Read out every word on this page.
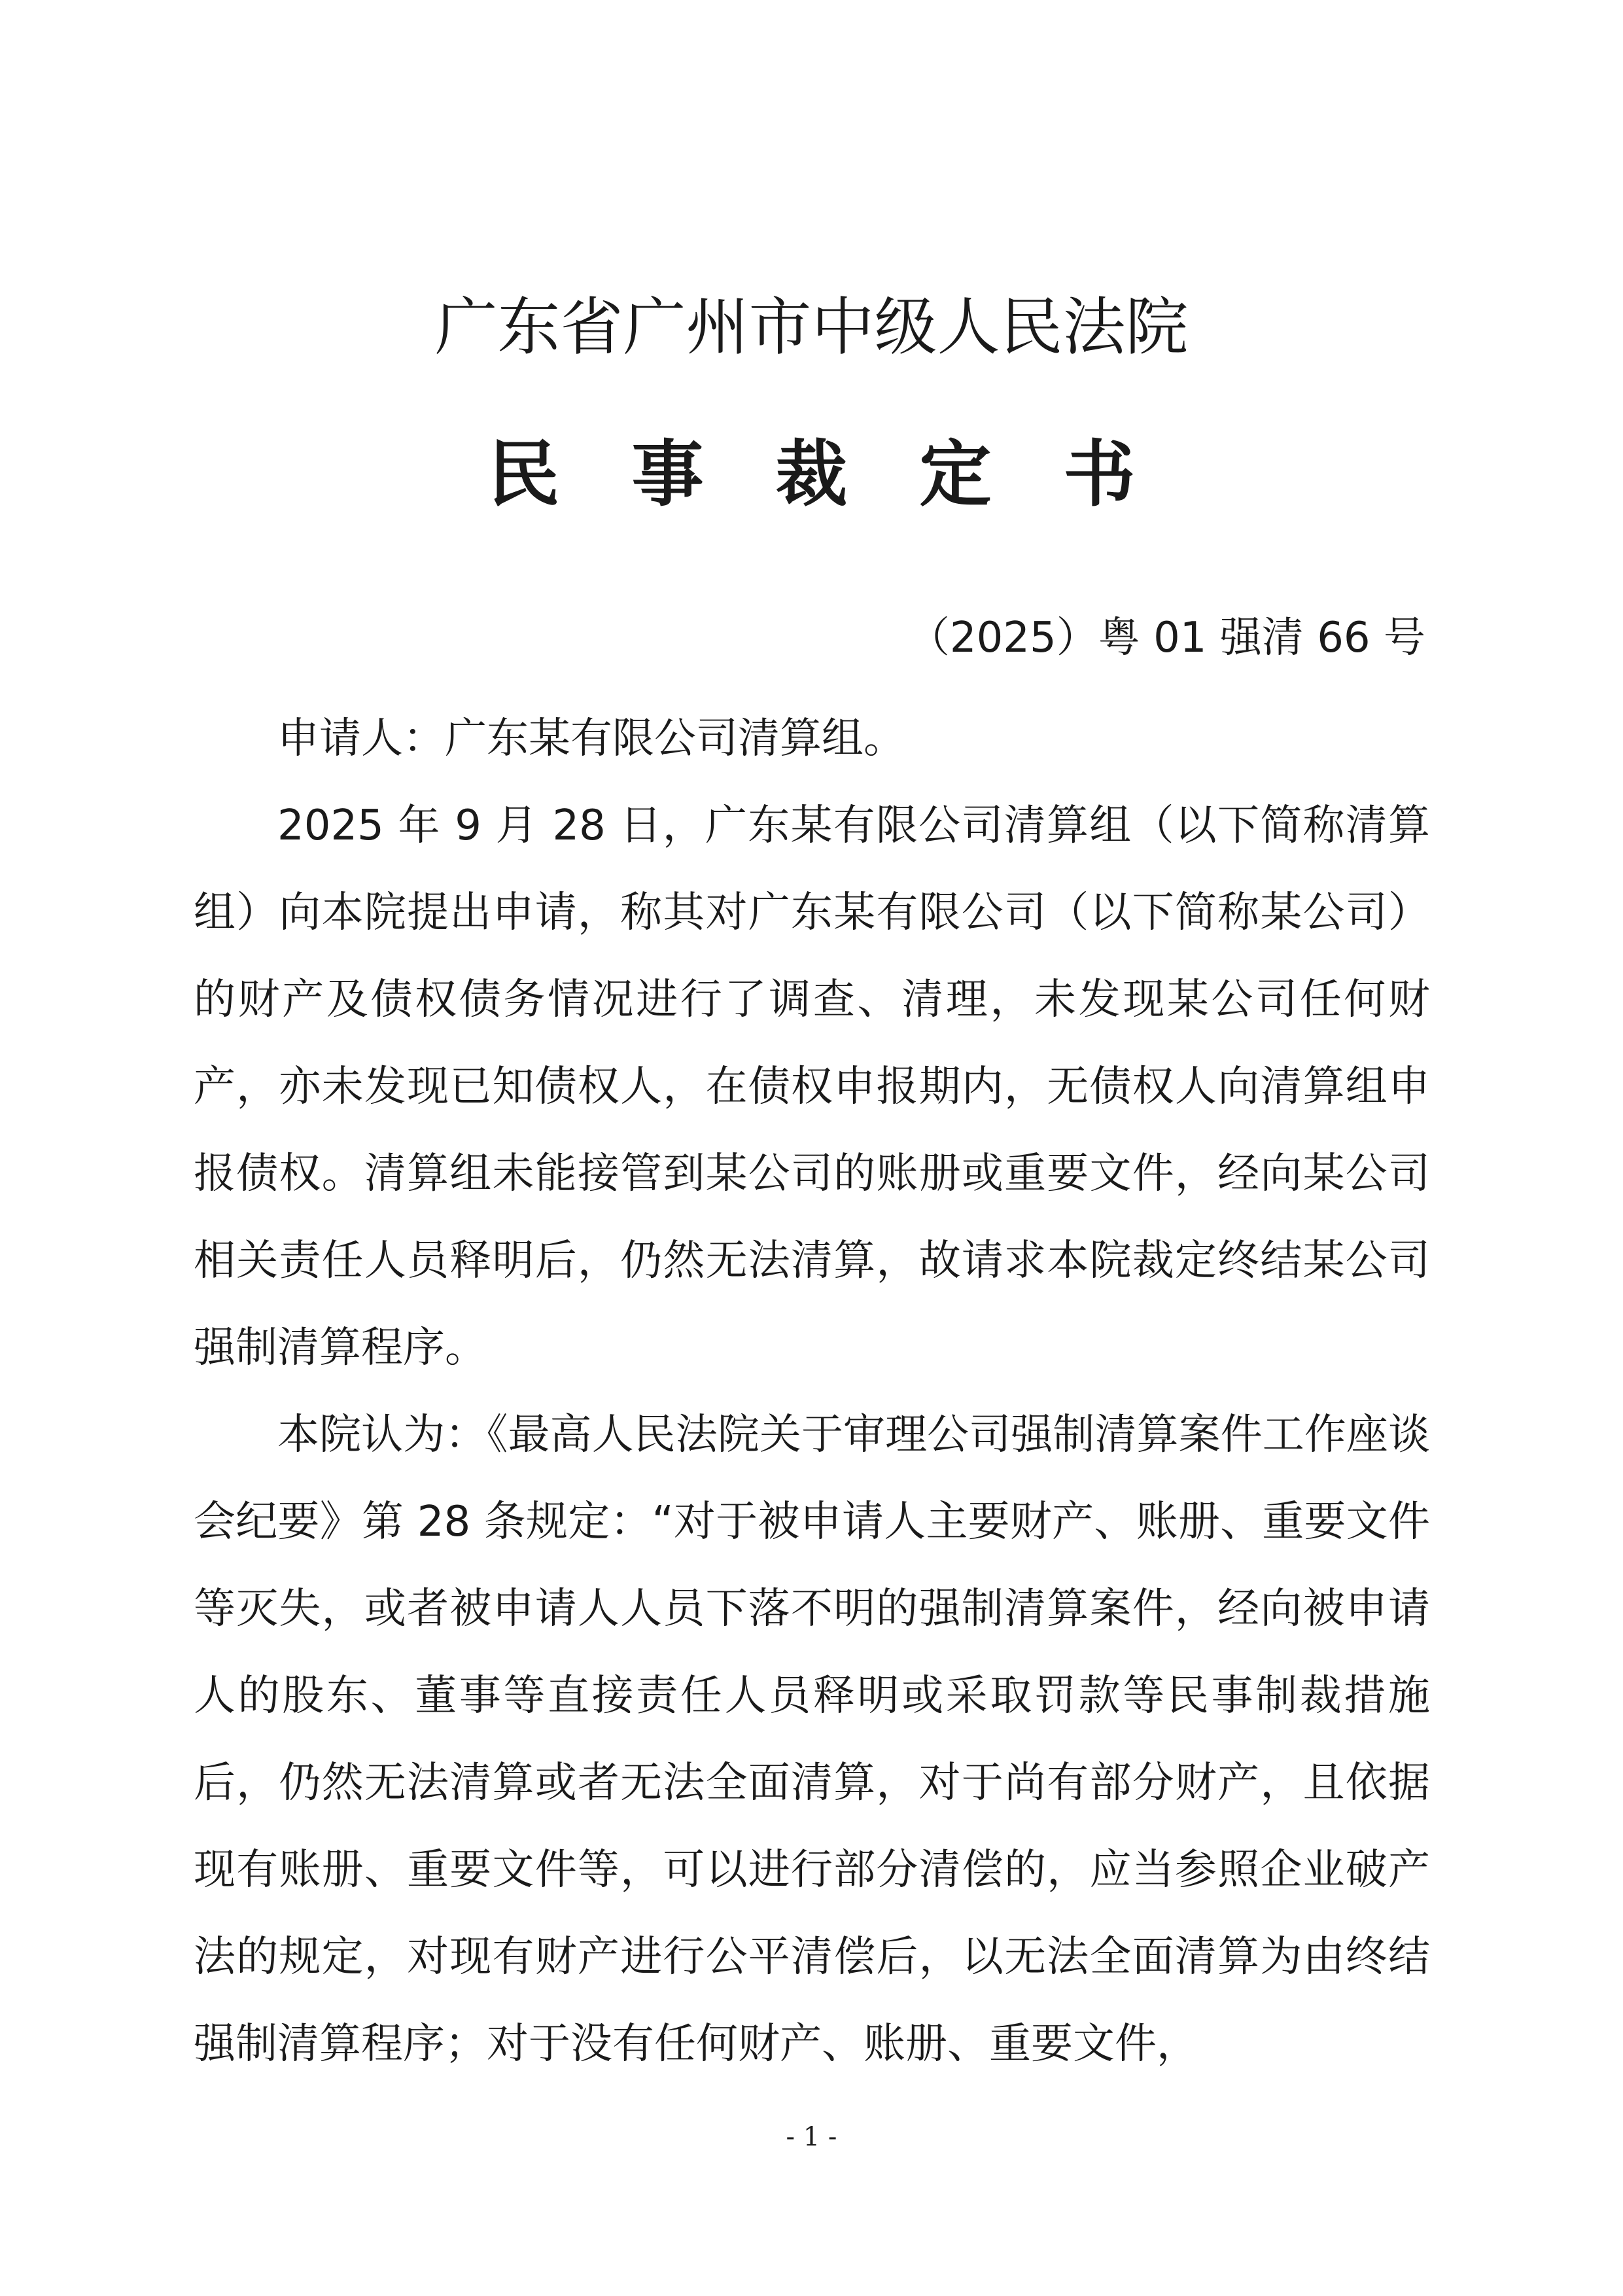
广东省广州市中级人民法院
民事裁定书
（2025）粤 01 强清 66 号

申请人：广东某有限公司清算组。

2025 年 9 月 28 日，广东某有限公司清算组（以下简称清算组）向本院提出申请，称其对广东某有限公司（以下简称某公司）的财产及债权债务情况进行了调查、清理，未发现某公司任何财产，亦未发现已知债权人，在债权申报期内，无债权人向清算组申报债权。清算组未能接管到某公司的账册或重要文件，经向某公司相关责任人员释明后，仍然无法清算，故请求本院裁定终结某公司强制清算程序。

本院认为：《最高人民法院关于审理公司强制清算案件工作座谈会纪要》第 28 条规定：“对于被申请人主要财产、账册、重要文件等灭失，或者被申请人人员下落不明的强制清算案件，经向被申请人的股东、董事等直接责任人员释明或采取罚款等民事制裁措施后，仍然无法清算或者无法全面清算，对于尚有部分财产，且依据现有账册、重要文件等，可以进行部分清偿的，应当参照企业破产法的规定，对现有财产进行公平清偿后，以无法全面清算为由终结强制清算程序；对于没有任何财产、账册、重要文件，

- 1 -
